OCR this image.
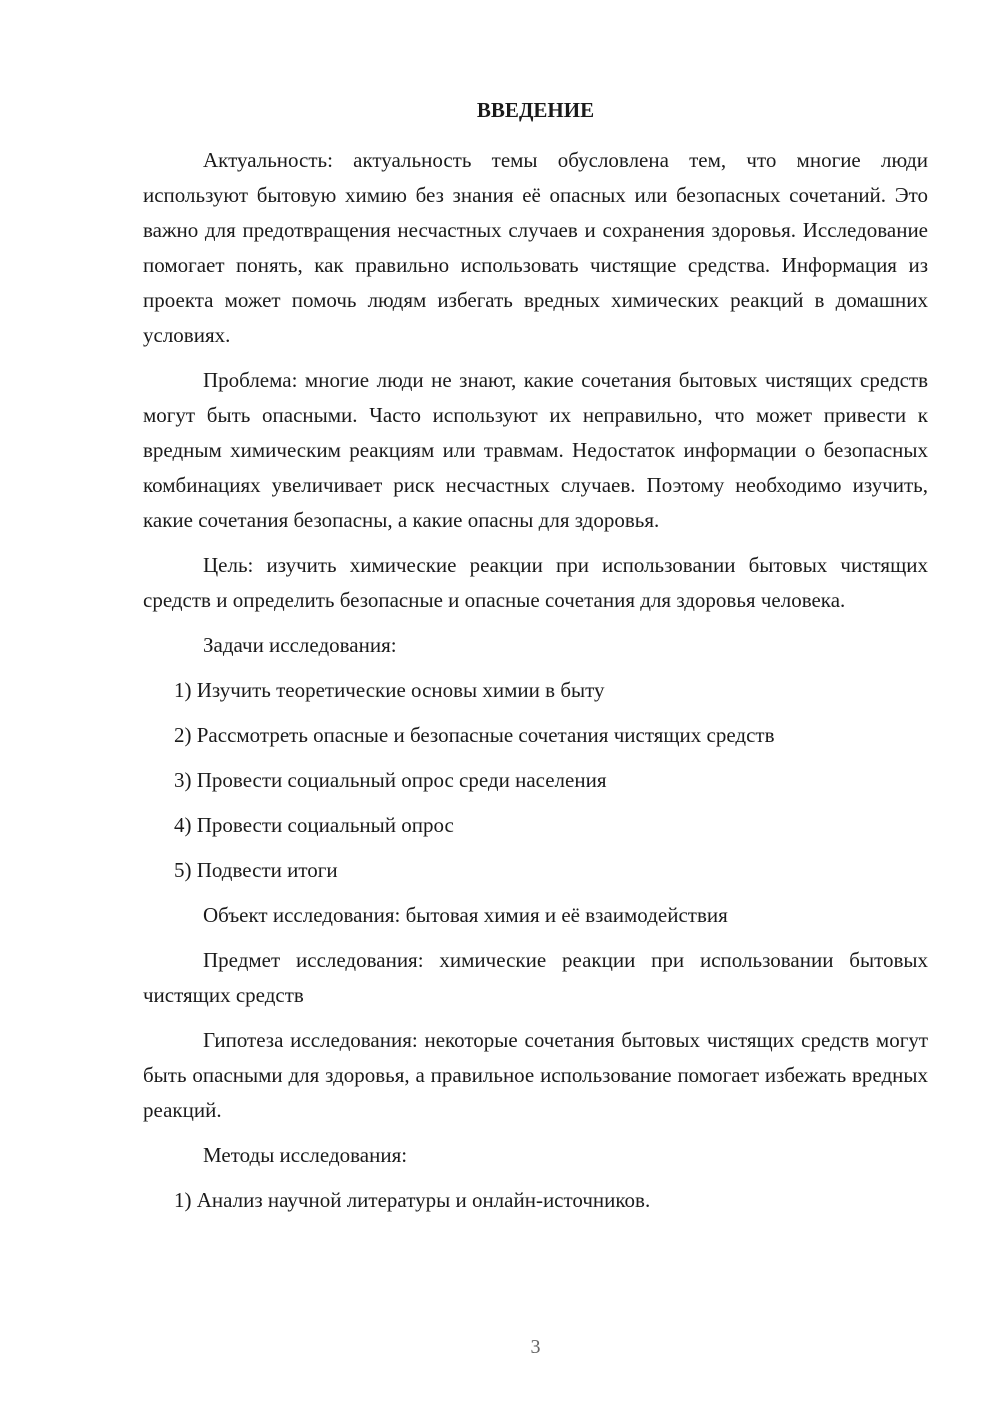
ВВЕДЕНИЕ

Актуальность: актуальность темы обусловлена тем, что многие люди используют бытовую химию без знания её опасных или безопасных сочетаний. Это важно для предотвращения несчастных случаев и сохранения здоровья. Исследование помогает понять, как правильно использовать чистящие средства. Информация из проекта может помочь людям избегать вредных химических реакций в домашних условиях.

Проблема: многие люди не знают, какие сочетания бытовых чистящих средств могут быть опасными. Часто используют их неправильно, что может привести к вредным химическим реакциям или травмам. Недостаток информации о безопасных комбинациях увеличивает риск несчастных случаев. Поэтому необходимо изучить, какие сочетания безопасны, а какие опасны для здоровья.

Цель: изучить химические реакции при использовании бытовых чистящих средств и определить безопасные и опасные сочетания для здоровья человека.

Задачи исследования:

1) Изучить теоретические основы химии в быту

2) Рассмотреть опасные и безопасные сочетания чистящих средств

3) Провести социальный опрос среди населения

4) Провести социальный опрос

5) Подвести итоги

Объект исследования: бытовая химия и её взаимодействия

Предмет исследования: химические реакции при использовании бытовых чистящих средств

Гипотеза исследования: некоторые сочетания бытовых чистящих средств могут быть опасными для здоровья, а правильное использование помогает избежать вредных реакций.

Методы исследования:

1) Анализ научной литературы и онлайн-источников.

3
